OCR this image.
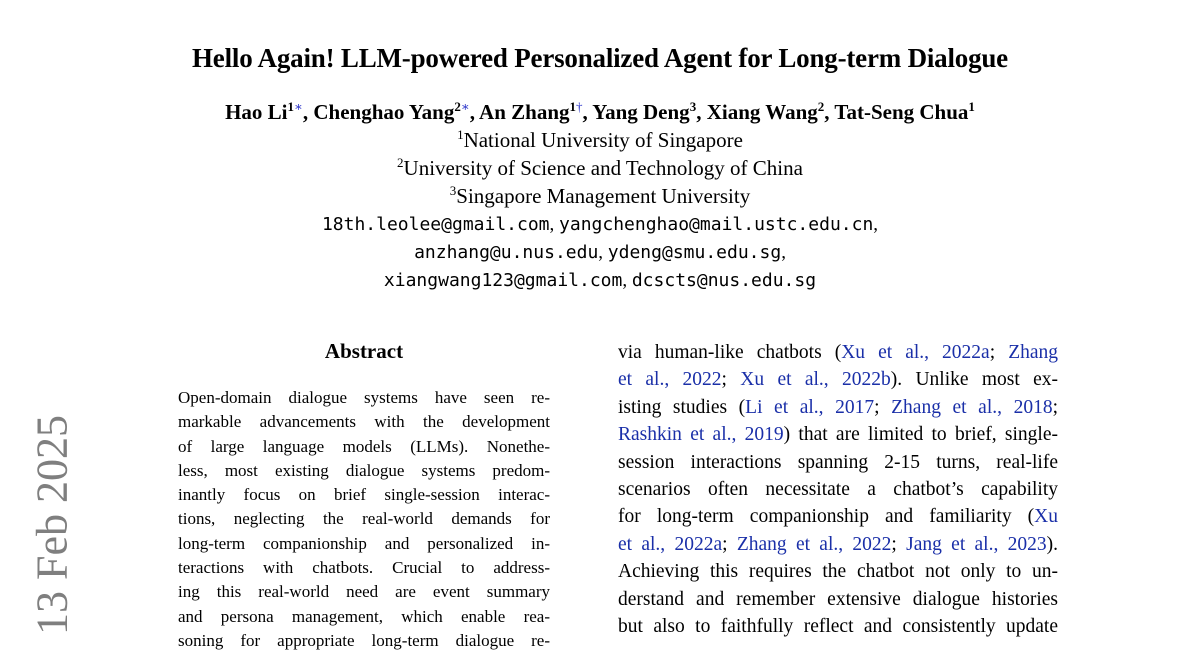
Hello Again! LLM-powered Personalized Agent for Long-term Dialogue
Hao $Li^{1∗}$, Chenghao Yang$^{2∗}$, An Zhang$^{1\dagger}$, Yang Deng$^3$, Xiang Wang$^2$, Tat-Seng Chua$^1$
$^1$National University of Singapore
$^2$University of Science and Technology of China
$^3$Singapore Management University
18th.leolee@gmail.com, yangchenghao@mail.ustc.edu.cn,
anzhang@u.nus.edu, ydeng@smu.edu.sg,
xiangwang123@gmail.com, dcscts@nus.edu.sg
Abstract
Open-domain dialogue systems have seen re-
markable advancements with the development
of large language models (LLMs). Nonethe-
less, most existing dialogue systems predom-
inantly focus on brief single-session interac-
tions, neglecting the real-world demands for
long-term companionship and personalized in-
teractions with chatbots. Crucial to address-
ing this real-world need are event summary
and persona management, which enable rea-
soning for appropriate long-term dialogue re-
via human-like chatbots (Xu et al., 2022a; Zhang
et al., 2022; Xu et al., 2022b). Unlike most ex-
isting studies (Li et al., 2017; Zhang et al., 2018;
Rashkin et al., 2019) that are limited to brief, single-
session interactions spanning 2-15 turns, real-life
scenarios often necessitate a chatbot’s capability
for long-term companionship and familiarity (Xu
et al., 2022a; Zhang et al., 2022; Jang et al., 2023).
Achieving this requires the chatbot not only to un-
derstand and remember extensive dialogue histories
but also to faithfully reflect and consistently update
13 Feb 2025
